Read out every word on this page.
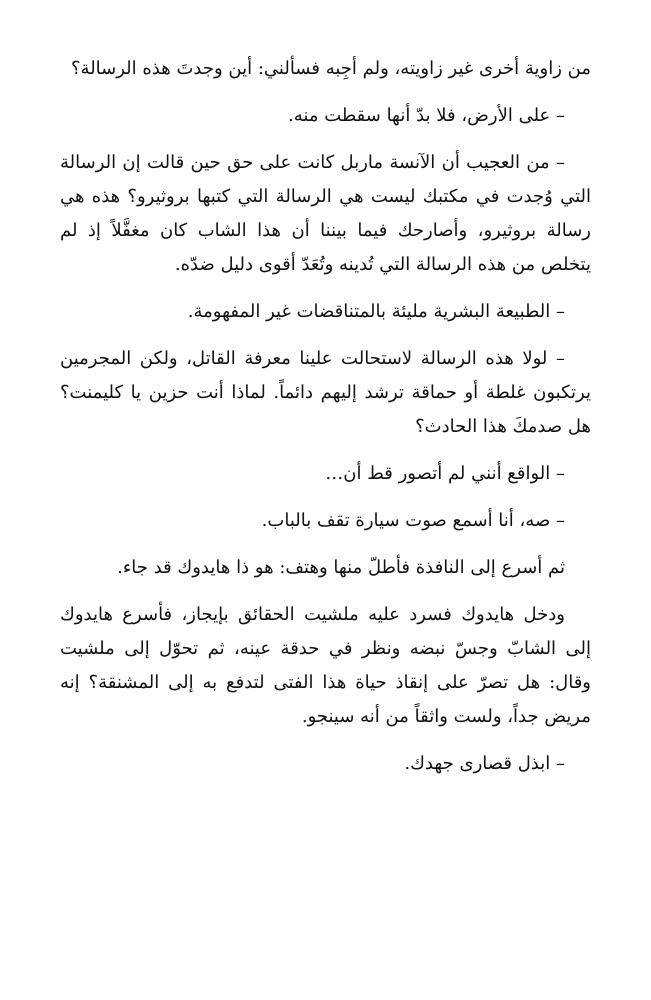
من زاوية أخرى غير زاويته، ولم أجِبه فسألني: أين وجدتَ هذه الرسالة؟

– على الأرض، فلا بدّ أنها سقطت منه.

– من العجيب أن الآنسة ماربل كانت على حق حين قالت إن الرسالة التي وُجدت في مكتبك ليست هي الرسالة التي كتبها بروثيرو؟ هذه هي رسالة بروثيرو، وأصارحك فيما بيننا أن هذا الشاب كان مغفَّلاً إذ لم يتخلص من هذه الرسالة التي تُدينه وتُعَدّ أقوى دليل ضدّه.

– الطبيعة البشرية مليئة بالمتناقضات غير المفهومة.

– لولا هذه الرسالة لاستحالت علينا معرفة القاتل، ولكن المجرمين يرتكبون غلطة أو حماقة ترشد إليهم دائماً. لماذا أنت حزين يا كليمنت؟ هل صدمكَ هذا الحادث؟

– الواقع أنني لم أتصور قط أن…

– صه، أنا أسمع صوت سيارة تقف بالباب.

ثم أسرع إلى النافذة فأطلّ منها وهتف: هو ذا هايدوك قد جاء.

ودخل هايدوك فسرد عليه ملشيت الحقائق بإيجاز، فأسرع هايدوك إلى الشابّ وجسّ نبضه ونظر في حدقة عينه، ثم تحوّل إلى ملشيت وقال: هل تصرّ على إنقاذ حياة هذا الفتى لتدفع به إلى المشنقة؟ إنه مريض جداً، ولست واثقاً من أنه سينجو.

– ابذل قصارى جهدك.
